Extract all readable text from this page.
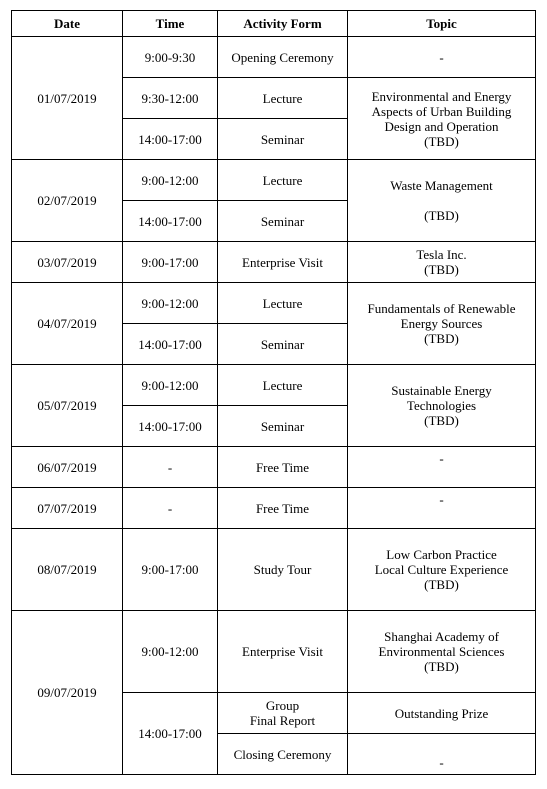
Date	Time	Activity Form	Topic
01/07/2019	9:00-9:30	Opening Ceremony	-
	9:30-12:00	Lecture	Environmental and Energy
Aspects of Urban Building
Design and Operation
(TBD)
	14:00-17:00	Seminar	
02/07/2019	9:00-12:00	Lecture	Waste Management

(TBD)
	14:00-17:00	Seminar	
03/07/2019	9:00-17:00	Enterprise Visit	Tesla Inc.
(TBD)
04/07/2019	9:00-12:00	Lecture	Fundamentals of Renewable
Energy Sources
(TBD)
	14:00-17:00	Seminar	
05/07/2019	9:00-12:00	Lecture	Sustainable Energy
Technologies
(TBD)
	14:00-17:00	Seminar	
06/07/2019	-	Free Time	-
07/07/2019	-	Free Time	-
08/07/2019	9:00-17:00	Study Tour	Low Carbon Practice
Local Culture Experience
(TBD)
09/07/2019	9:00-12:00	Enterprise Visit	Shanghai Academy of
Environmental Sciences
(TBD)
	14:00-17:00	Group
Final Report	Outstanding Prize
		Closing Ceremony	-
